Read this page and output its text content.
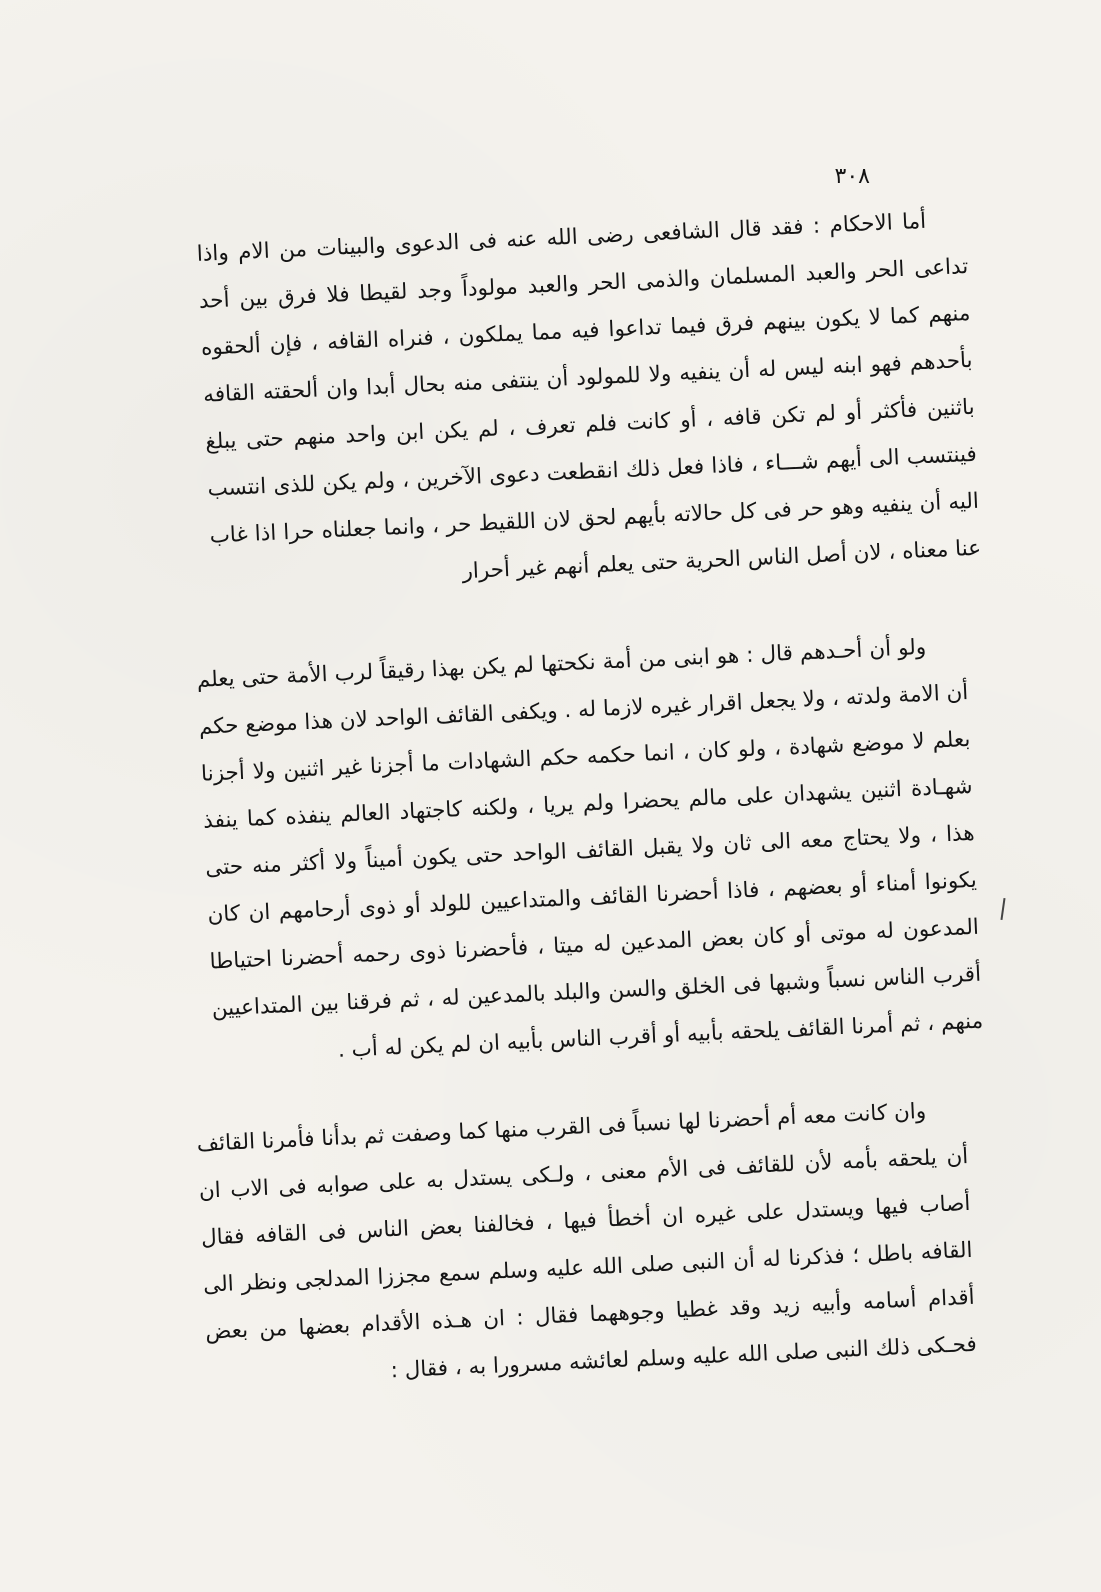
٣٠٨

أما الاحكام : فقد قال الشافعى رضى الله عنه فى الدعوى والبينات من الام واذا تداعى الحر والعبد المسلمان والذمى الحر والعبد مولوداً وجد لقيطا فلا فرق بين أحد منهم كما لا يكون بينهم فرق فيما تداعوا فيه مما يملكون ، فنراه القافه ، فإن ألحقوه بأحدهم فهو ابنه ليس له أن ينفيه ولا للمولود أن ينتفى منه بحال أبدا وان ألحقته القافه باثنين فأكثر أو لم تكن قافه ، أو كانت فلم تعرف ، لم يكن ابن واحد منهم حتى يبلغ فينتسب الى أيهم شـــاء ، فاذا فعل ذلك انقطعت دعوى الآخرين ، ولم يكن للذى انتسب اليه أن ينفيه وهو حر فى كل حالاته بأيهم لحق لان اللقيط حر ، وانما جعلناه حرا اذا غاب عنا معناه ، لان أصل الناس الحرية حتى يعلم أنهم غير أحرار

ولو أن أحـدهم قال : هو ابنى من أمة نكحتها لم يكن بهذا رقيقاً لرب الأمة حتى يعلم أن الامة ولدته ، ولا يجعل اقرار غيره لازما له . ويكفى القائف الواحد لان هذا موضع حكم بعلم لا موضع شهادة ، ولو كان ، انما حكمه حكم الشهادات ما أجزنا غير اثنين ولا أجزنا شهـادة اثنين يشهدان على مالم يحضرا ولم يريا ، ولكنه كاجتهاد العالم ينفذه كما ينفذ هذا ، ولا يحتاج معه الى ثان ولا يقبل القائف الواحد حتى يكون أميناً ولا أكثر منه حتى يكونوا أمناء أو بعضهم ، فاذا أحضرنا القائف والمتداعيين للولد أو ذوى أرحامهم ان كان المدعون له موتى أو كان بعض المدعين له ميتا ، فأحضرنا ذوى رحمه أحضرنا احتياطا أقرب الناس نسباً وشبها فى الخلق والسن والبلد بالمدعين له ، ثم فرقنا بين المتداعيين منهم ، ثم أمرنا القائف يلحقه بأبيه أو أقرب الناس بأبيه ان لم يكن له أب .

وان كانت معه أم أحضرنا لها نسباً فى القرب منها كما وصفت ثم بدأنا فأمرنا القائف أن يلحقه بأمه لأن للقائف فى الأم معنى ، ولـكى يستدل به على صوابه فى الاب ان أصاب فيها ويستدل على غيره ان أخطأ فيها ، فخالفنا بعض الناس فى القافه فقال القافه باطل ؛ فذكرنا له أن النبى صلى الله عليه وسلم سمع مجززا المدلجى ونظر الى أقدام أسامه وأبيه زيد وقد غطيا وجوههما فقال : ان هـذه الأقدام بعضها من بعض فحـكى ذلك النبى صلى الله عليه وسلم لعائشه مسرورا به ، فقال :
